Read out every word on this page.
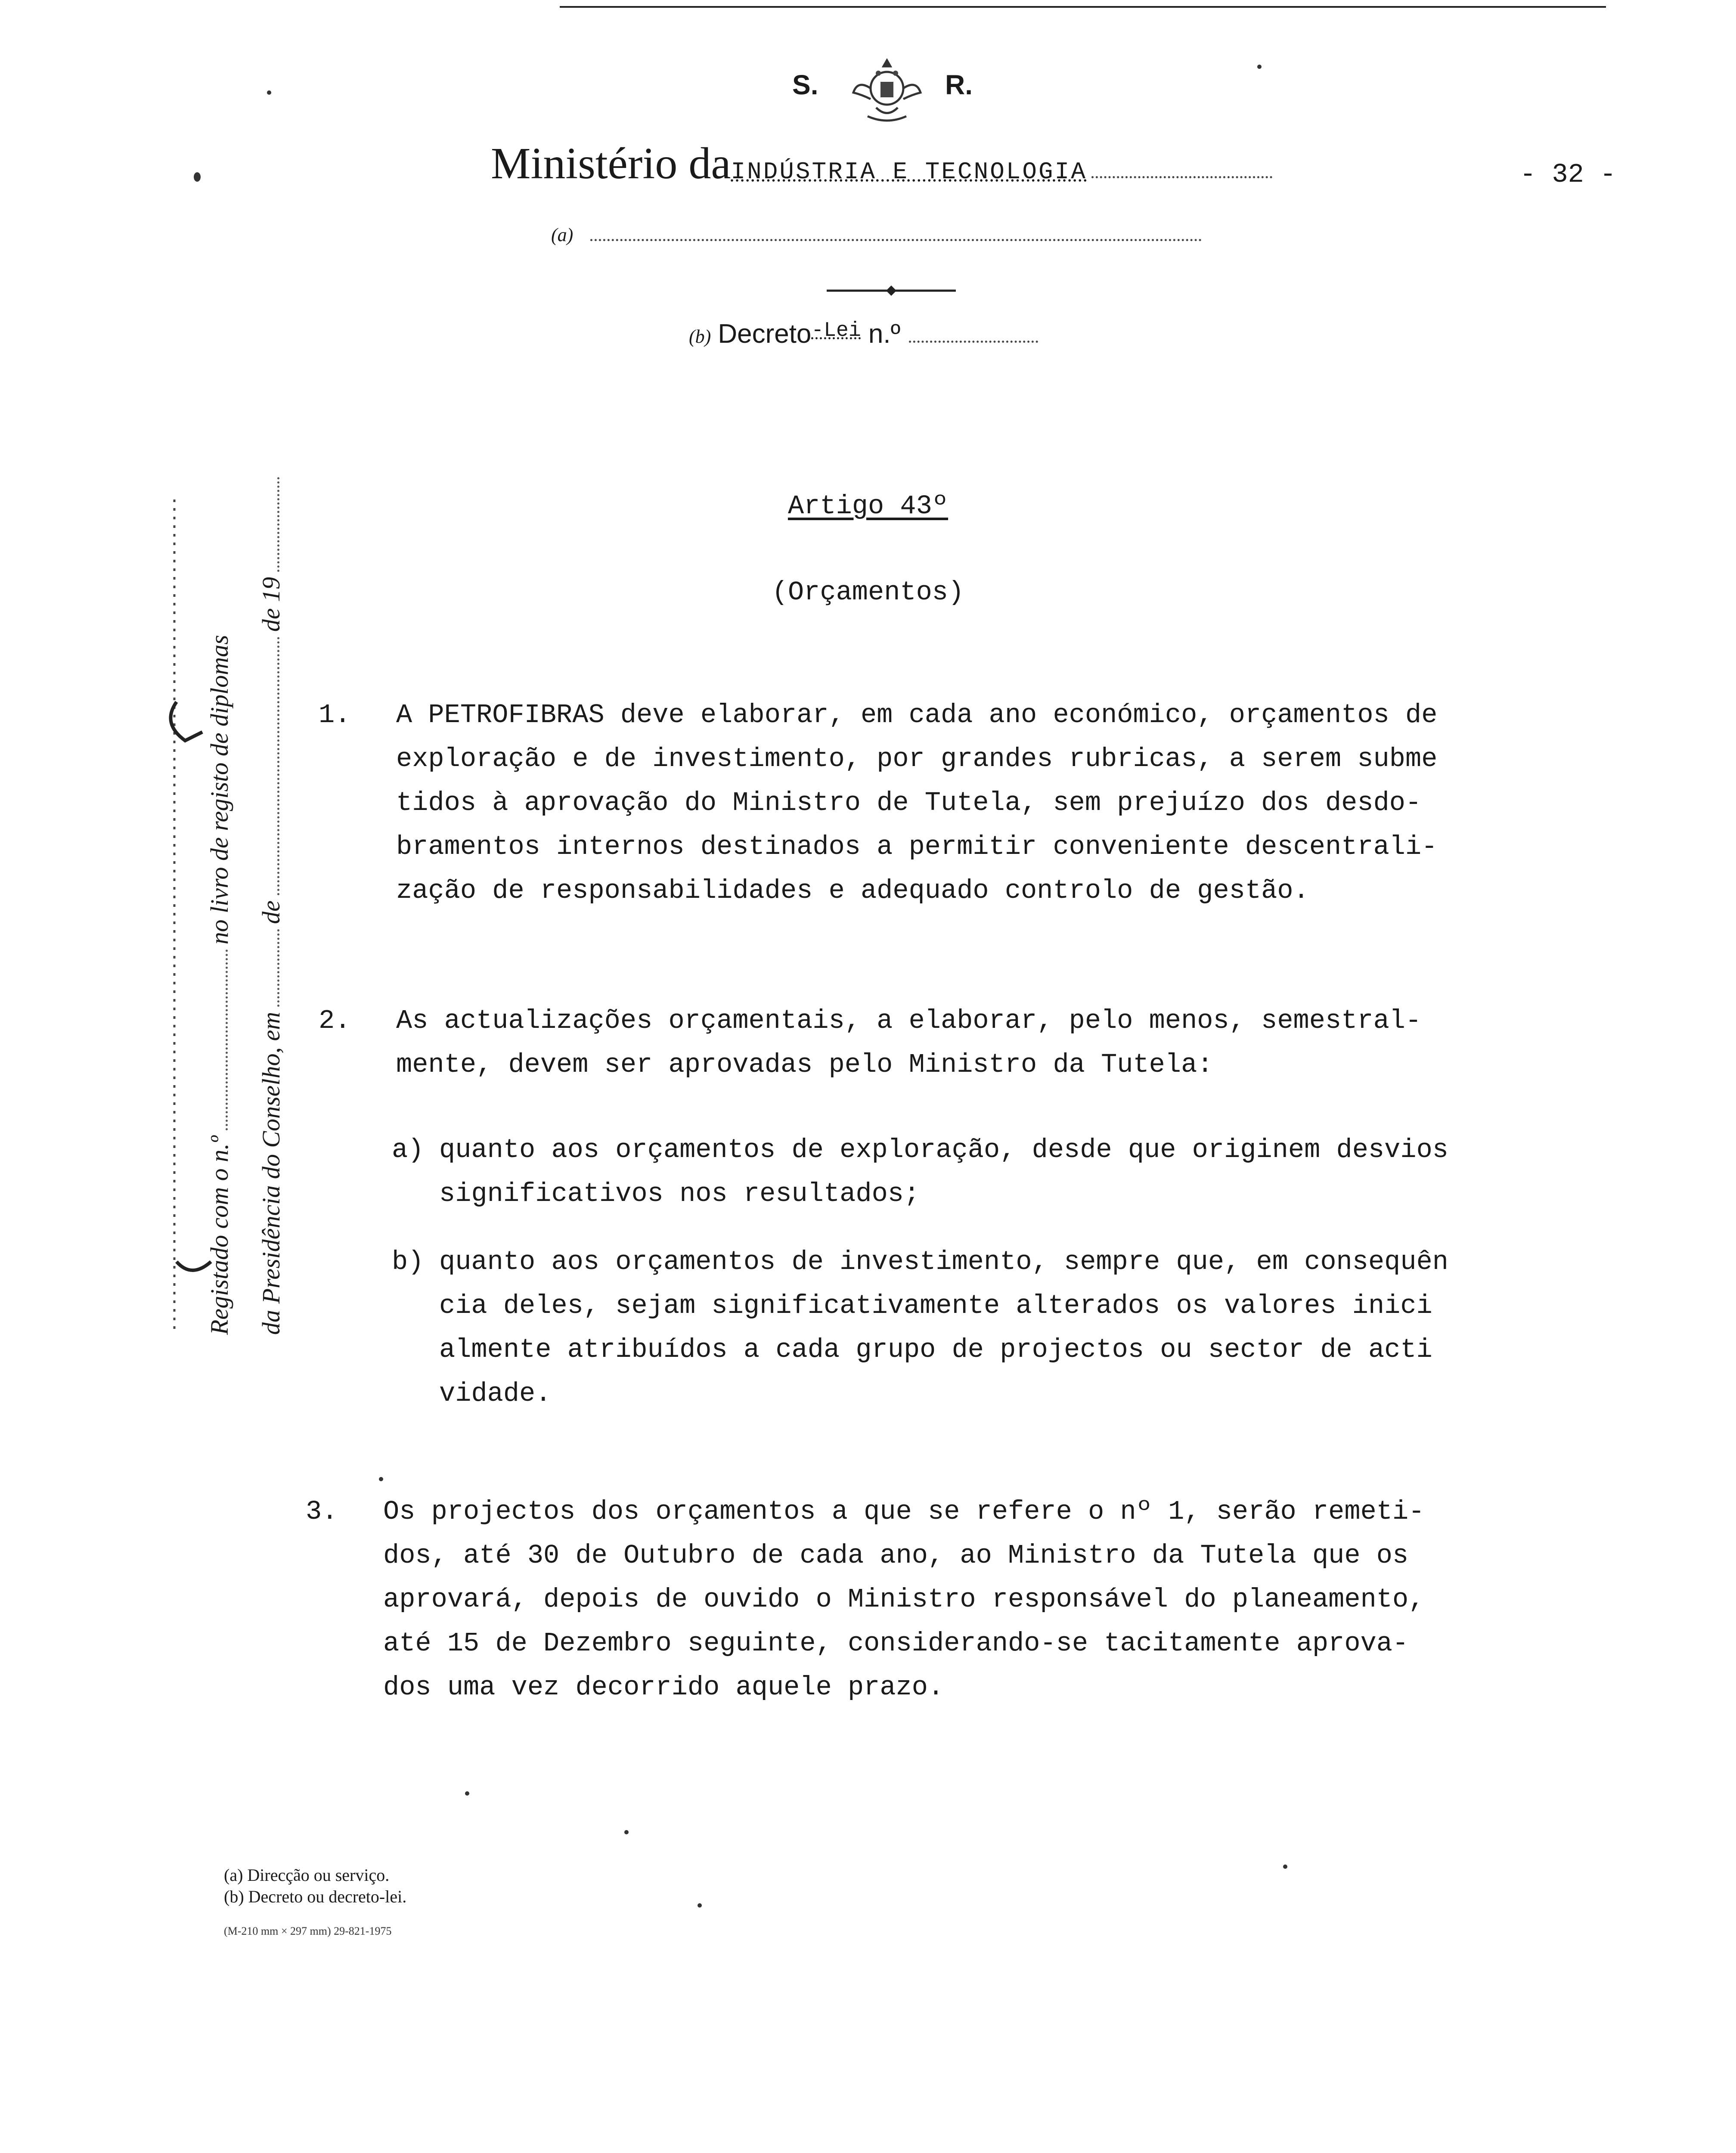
S.	R.
Ministério daINDÚSTRIA E TECNOLOGIA	- 32 -
(a)
(b) Decreto$^{-Lei}$ n.º
Registado com o n.ºno livro de registo de diplomas
da Presidência do Conselho, emdede 19
Artigo 43º
(Orçamentos)
1. A PETROFIBRAS deve elaborar, em cada ano económico, orçamentos de
exploração e de investimento, por grandes rubricas, a serem subme
tidos à aprovação do Ministro de Tutela, sem prejuízo dos desdo-
bramentos internos destinados a permitir conveniente descentrali-
zação de responsabilidades e adequado controlo de gestão.
2. As actualizações orçamentais, a elaborar, pelo menos, semestral-
mente, devem ser aprovadas pelo Ministro da Tutela:
a) quanto aos orçamentos de exploração, desde que originem desvios
significativos nos resultados;
b) quanto aos orçamentos de investimento, sempre que, em consequên
cia deles, sejam significativamente alterados os valores inici
almente atribuídos a cada grupo de projectos ou sector de acti
vidade.
3. Os projectos dos orçamentos a que se refere o nº 1, serão remeti-
dos, até 30 de Outubro de cada ano, ao Ministro da Tutela que os
aprovará, depois de ouvido o Ministro responsável do planeamento,
até 15 de Dezembro seguinte, considerando-se tacitamente aprova-
dos uma vez decorrido aquele prazo.
(a) Direcção ou serviço.
(b) Decreto ou decreto-lei.
(M-210 mm × 297 mm) 29-821-1975
